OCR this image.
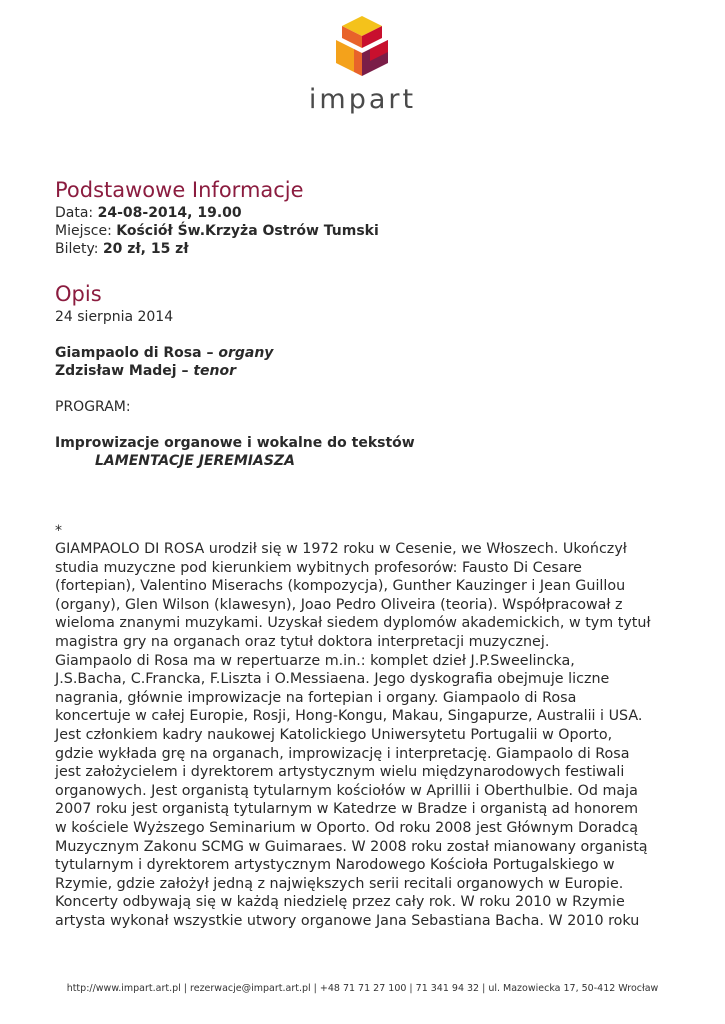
impart
Podstawowe Informacje
Data: 24-08-2014, 19.00
Miejsce: Kościół Św.Krzyża Ostrów Tumski
Bilety: 20 zł, 15 zł
Opis
24 sierpnia 2014
Giampaolo di Rosa – organy
Zdzisław Madej – tenor
PROGRAM:
Improwizacje organowe i wokalne do tekstów
LAMENTACJE JEREMIASZA
*
GIAMPAOLO DI ROSA urodził się w 1972 roku w Cesenie, we Włoszech. Ukończył
studia muzyczne pod kierunkiem wybitnych profesorów: Fausto Di Cesare
(fortepian), Valentino Miserachs (kompozycja), Gunther Kauzinger i Jean Guillou
(organy), Glen Wilson (klawesyn), Joao Pedro Oliveira (teoria). Współpracował z
wieloma znanymi muzykami. Uzyskał siedem dyplomów akademickich, w tym tytuł
magistra gry na organach oraz tytuł doktora interpretacji muzycznej.
Giampaolo di Rosa ma w repertuarze m.in.: komplet dzieł J.P.Sweelincka,
J.S.Bacha, C.Francka, F.Liszta i O.Messiaena. Jego dyskografia obejmuje liczne
nagrania, głównie improwizacje na fortepian i organy. Giampaolo di Rosa
koncertuje w całej Europie, Rosji, Hong-Kongu, Makau, Singapurze, Australii i USA.
Jest członkiem kadry naukowej Katolickiego Uniwersytetu Portugalii w Oporto,
gdzie wykłada grę na organach, improwizację i interpretację. Giampaolo di Rosa
jest założycielem i dyrektorem artystycznym wielu międzynarodowych festiwali
organowych. Jest organistą tytularnym kościołów w Aprillii i Oberthulbie. Od maja
2007 roku jest organistą tytularnym w Katedrze w Bradze i organistą ad honorem
w kościele Wyższego Seminarium w Oporto. Od roku 2008 jest Głównym Doradcą
Muzycznym Zakonu SCMG w Guimaraes. W 2008 roku został mianowany organistą
tytularnym i dyrektorem artystycznym Narodowego Kościoła Portugalskiego w
Rzymie, gdzie założył jedną z największych serii recitali organowych w Europie.
Koncerty odbywają się w każdą niedzielę przez cały rok. W roku 2010 w Rzymie
artysta wykonał wszystkie utwory organowe Jana Sebastiana Bacha. W 2010 roku
http://www.impart.art.pl | rezerwacje@impart.art.pl | +48 71 71 27 100 | 71 341 94 32 | ul. Mazowiecka 17, 50-412 Wrocław
